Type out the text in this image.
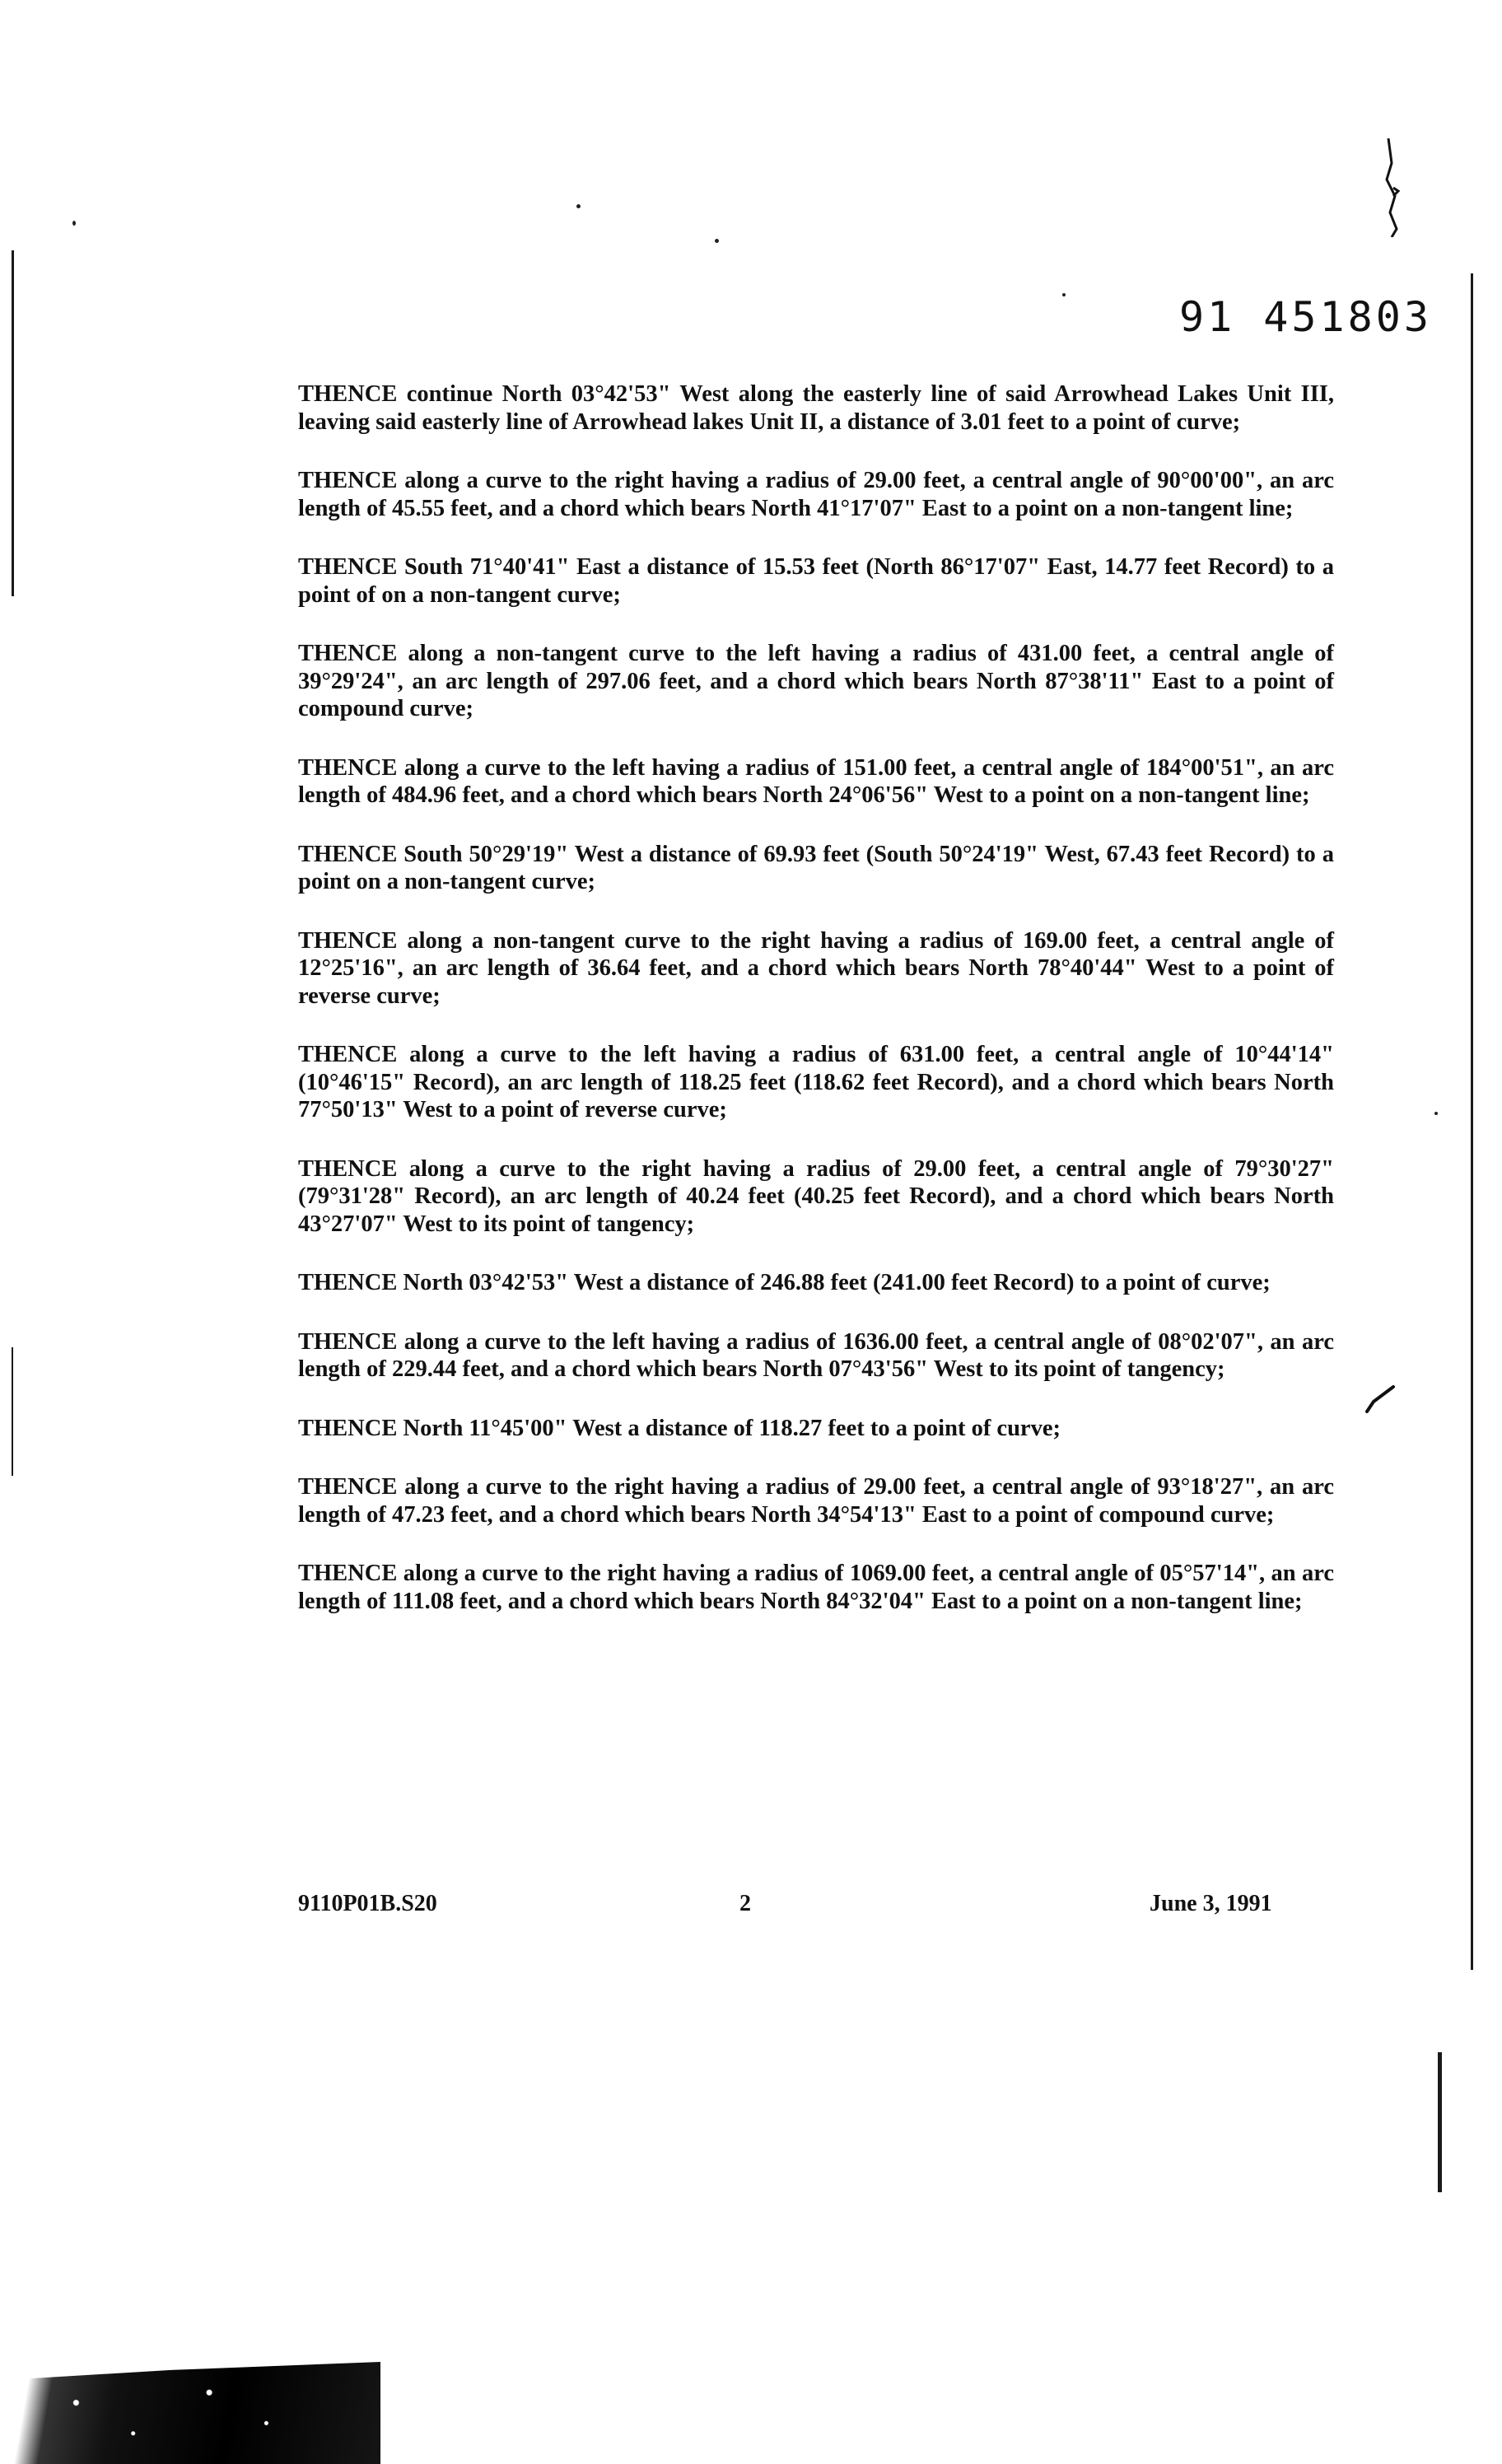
91 451803

THENCE continue North 03°42'53" West along the easterly line of said Arrowhead Lakes Unit III, leaving said easterly line of Arrowhead lakes Unit II, a distance of 3.01 feet to a point of curve;

THENCE along a curve to the right having a radius of 29.00 feet, a central angle of 90°00'00", an arc length of 45.55 feet, and a chord which bears North 41°17'07" East to a point on a non-tangent line;

THENCE South 71°40'41" East a distance of 15.53 feet (North 86°17'07" East, 14.77 feet Record) to a point of on a non-tangent curve;

THENCE along a non-tangent curve to the left having a radius of 431.00 feet, a central angle of 39°29'24", an arc length of 297.06 feet, and a chord which bears North 87°38'11" East to a point of compound curve;

THENCE along a curve to the left having a radius of 151.00 feet, a central angle of 184°00'51", an arc length of 484.96 feet, and a chord which bears North 24°06'56" West to a point on a non-tangent line;

THENCE South 50°29'19" West a distance of 69.93 feet (South 50°24'19" West, 67.43 feet Record) to a point on a non-tangent curve;

THENCE along a non-tangent curve to the right having a radius of 169.00 feet, a central angle of 12°25'16", an arc length of 36.64 feet, and a chord which bears North 78°40'44" West to a point of reverse curve;

THENCE along a curve to the left having a radius of 631.00 feet, a central angle of 10°44'14" (10°46'15" Record), an arc length of 118.25 feet (118.62 feet Record), and a chord which bears North 77°50'13" West to a point of reverse curve;

THENCE along a curve to the right having a radius of 29.00 feet, a central angle of 79°30'27" (79°31'28" Record), an arc length of 40.24 feet (40.25 feet Record), and a chord which bears North 43°27'07" West to its point of tangency;

THENCE North 03°42'53" West a distance of 246.88 feet (241.00 feet Record) to a point of curve;

THENCE along a curve to the left having a radius of 1636.00 feet, a central angle of 08°02'07", an arc length of 229.44 feet, and a chord which bears North 07°43'56" West to its point of tangency;

THENCE North 11°45'00" West a distance of 118.27 feet to a point of curve;

THENCE along a curve to the right having a radius of 29.00 feet, a central angle of 93°18'27", an arc length of 47.23 feet, and a chord which bears North 34°54'13" East to a point of compound curve;

THENCE along a curve to the right having a radius of 1069.00 feet, a central angle of 05°57'14", an arc length of 111.08 feet, and a chord which bears North 84°32'04" East to a point on a non-tangent line;

9110P01B.S20	2	June 3, 1991
